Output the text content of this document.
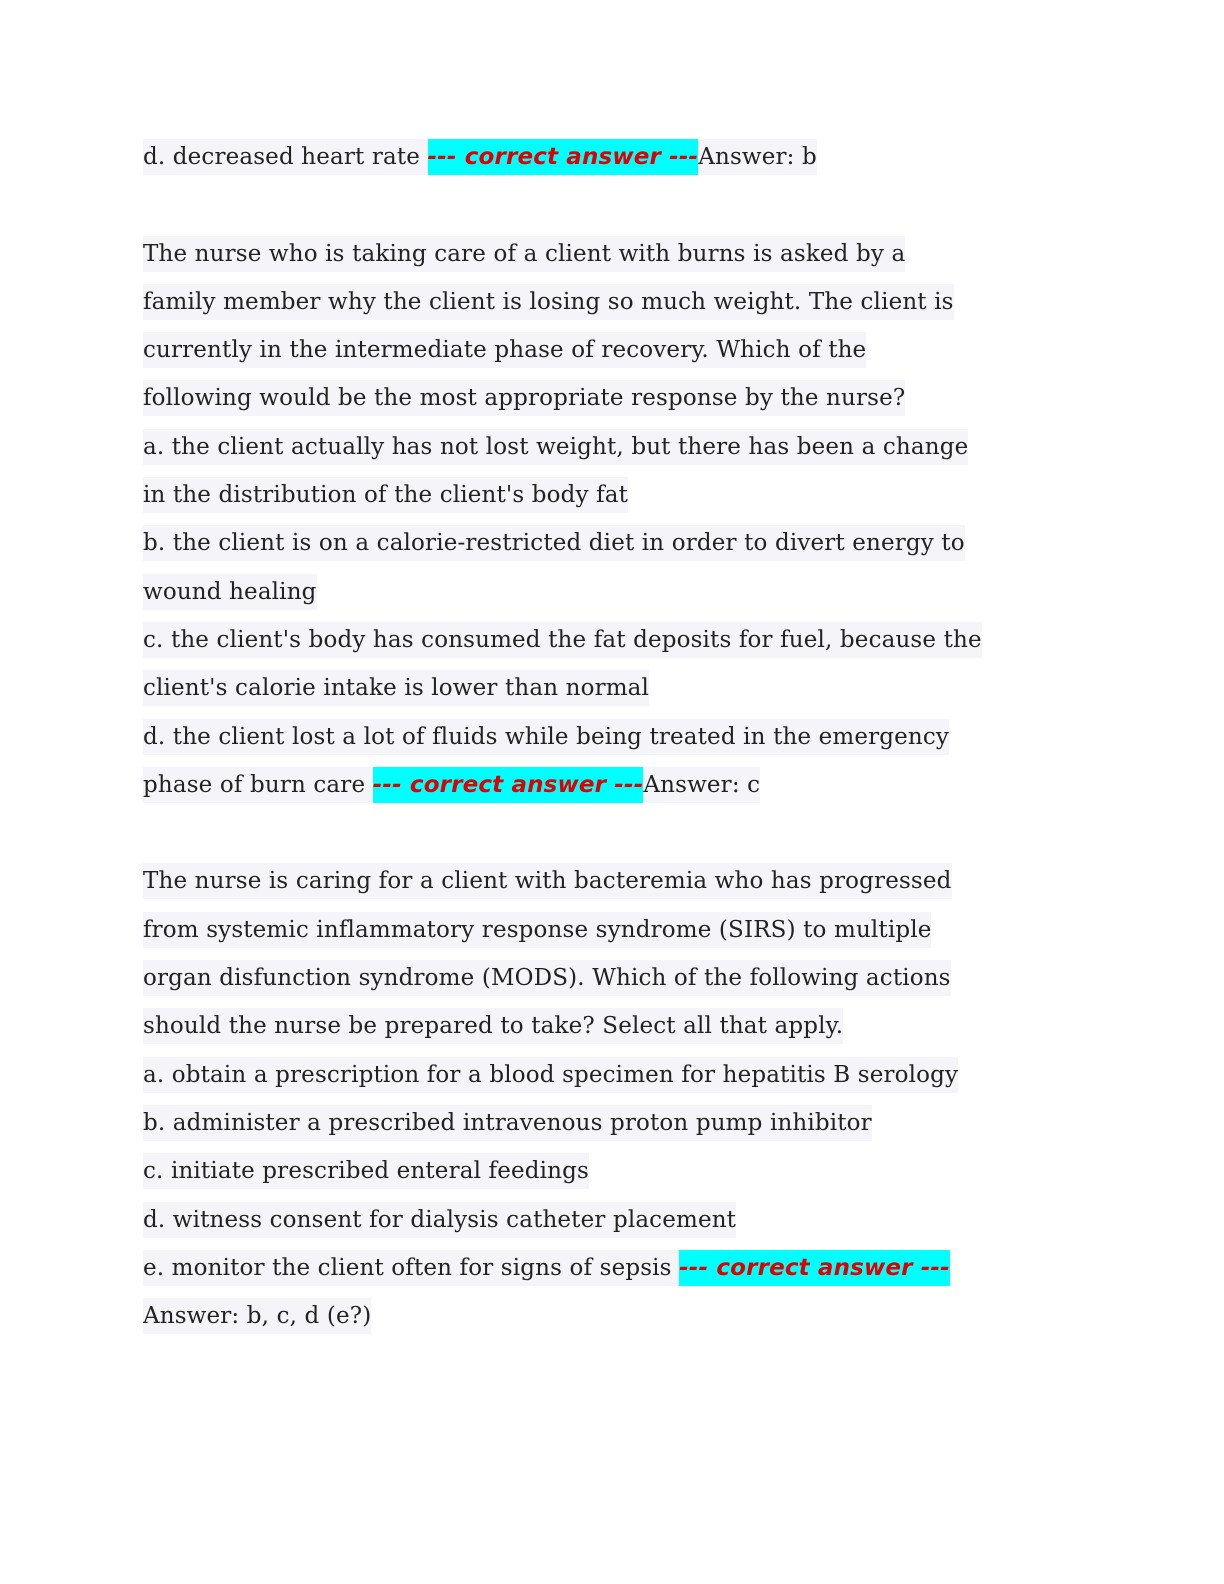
d. decreased heart rate --- correct answer ---Answer: b
The nurse who is taking care of a client with burns is asked by a
family member why the client is losing so much weight. The client is
currently in the intermediate phase of recovery. Which of the
following would be the most appropriate response by the nurse?
a. the client actually has not lost weight, but there has been a change
in the distribution of the client's body fat
b. the client is on a calorie-restricted diet in order to divert energy to
wound healing
c. the client's body has consumed the fat deposits for fuel, because the
client's calorie intake is lower than normal
d. the client lost a lot of fluids while being treated in the emergency
phase of burn care --- correct answer ---Answer: c
The nurse is caring for a client with bacteremia who has progressed
from systemic inflammatory response syndrome (SIRS) to multiple
organ disfunction syndrome (MODS). Which of the following actions
should the nurse be prepared to take? Select all that apply.
a. obtain a prescription for a blood specimen for hepatitis B serology
b. administer a prescribed intravenous proton pump inhibitor
c. initiate prescribed enteral feedings
d. witness consent for dialysis catheter placement
e. monitor the client often for signs of sepsis --- correct answer ---
Answer: b, c, d (e?)
